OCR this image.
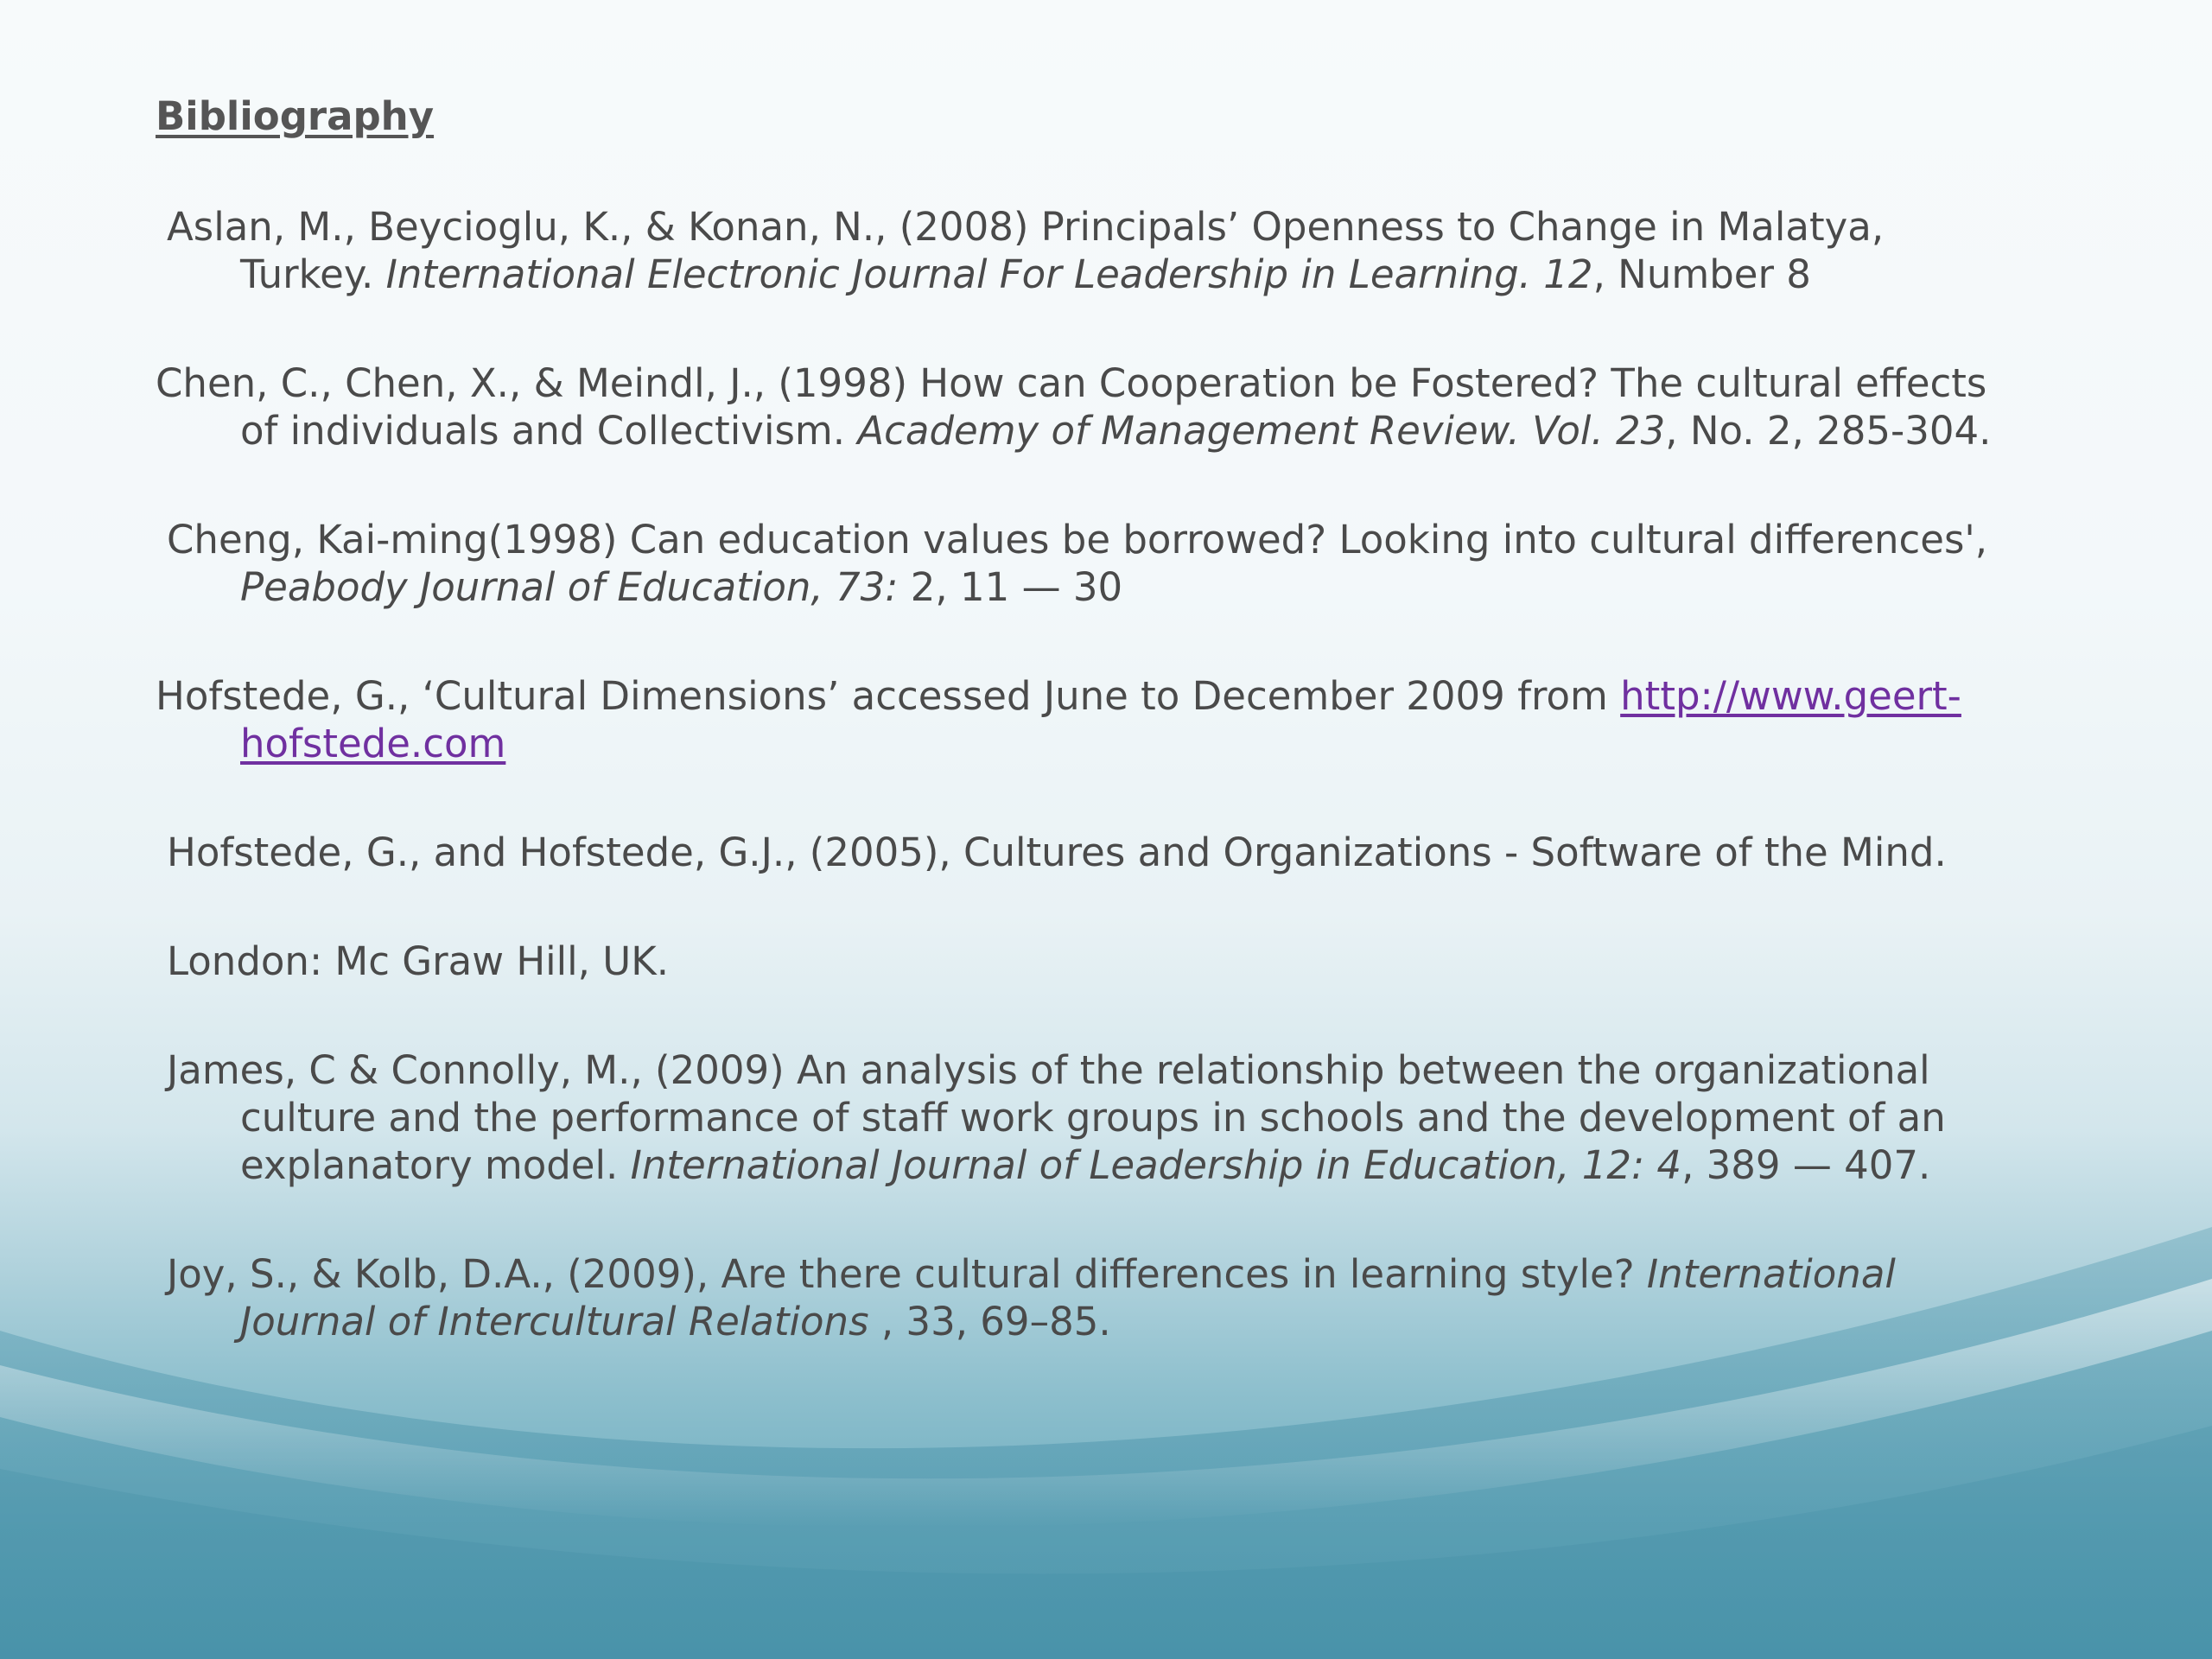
Bibliography

Aslan, M., Beycioglu, K., & Konan, N., (2008) Principals’ Openness to Change in Malatya,
Turkey. International Electronic Journal For Leadership in Learning. 12, Number 8

Chen, C., Chen, X., & Meindl, J., (1998) How can Cooperation be Fostered? The cultural effects
of individuals and Collectivism. Academy of Management Review. Vol. 23, No. 2, 285-304.

Cheng, Kai-ming(1998) Can education values be borrowed? Looking into cultural differences',
Peabody Journal of Education, 73: 2, 11 — 30

Hofstede, G., ‘Cultural Dimensions’ accessed June to December 2009 from http://www.geert-
hofstede.com

Hofstede, G., and Hofstede, G.J., (2005), Cultures and Organizations - Software of the Mind.

London: Mc Graw Hill, UK.

James, C & Connolly, M., (2009) An analysis of the relationship between the organizational
culture and the performance of staff work groups in schools and the development of an
explanatory model. International Journal of Leadership in Education, 12: 4, 389 — 407.

Joy, S., & Kolb, D.A., (2009), Are there cultural differences in learning style? International
Journal of Intercultural Relations , 33, 69–85.
